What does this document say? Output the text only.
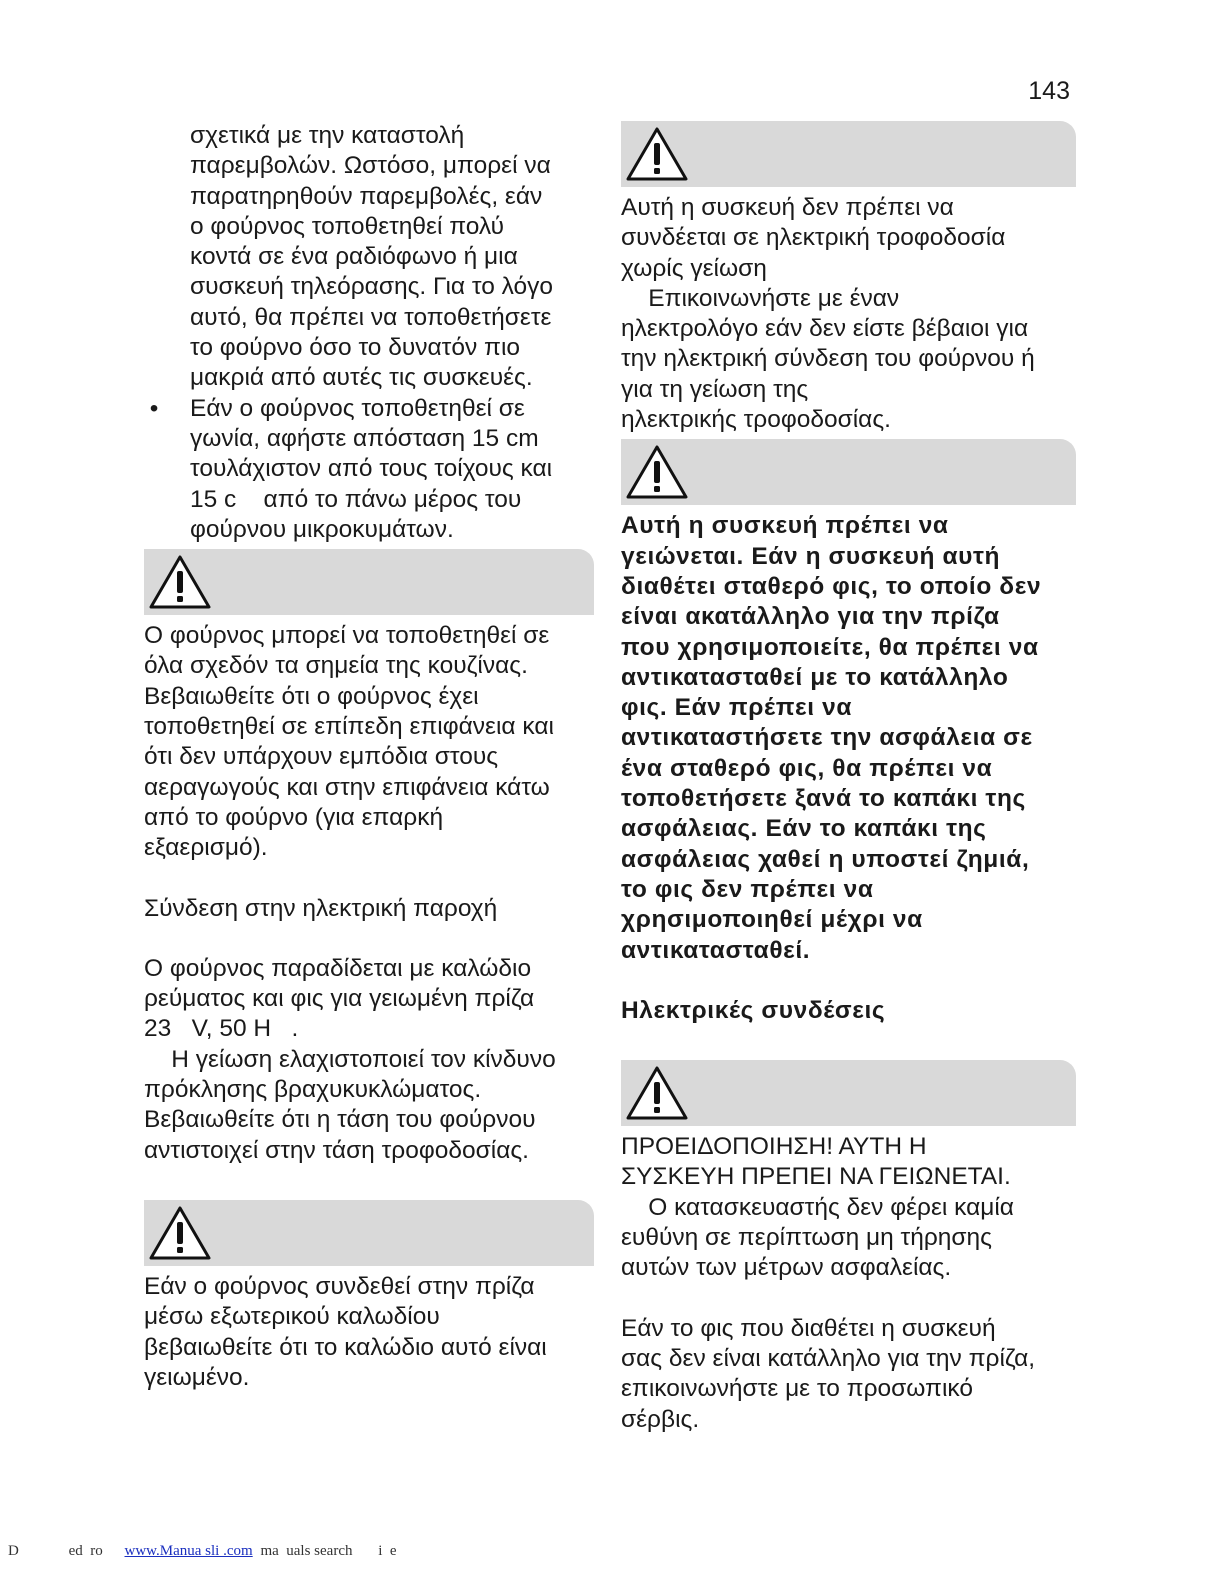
143

σχετικά με την καταστολή

παρεμβολών. Ωστόσο, μπορεί να

παρατηρηθούν παρεμβολές, εάν

ο φούρνος τοποθετηθεί πολύ

κοντά σε ένα ραδιόφωνο ή μια

συσκευή τηλεόρασης. Για το λόγο

αυτό, θα πρέπει να τοποθετήσετε

το φούρνο όσο το δυνατόν πιο

μακριά από αυτές τις συσκευές.

• Εάν ο φούρνος τοποθετηθεί σε

γωνία, αφήστε απόσταση 15 cm

τουλάχιστον από τους τοίχους και

15 c    από το πάνω μέρος του

φούρνου μικροκυμάτων.

Ο φούρνος μπορεί να τοποθετηθεί σε

όλα σχεδόν τα σημεία της κουζίνας.

Βεβαιωθείτε ότι ο φούρνος έχει

τοποθετηθεί σε επίπεδη επιφάνεια και

ότι δεν υπάρχουν εμπόδια στους

αεραγωγούς και στην επιφάνεια κάτω

από το φούρνο (για επαρκή

εξαερισμό).

Σύνδεση στην ηλεκτρική παροχή

Ο φούρνος παραδίδεται με καλώδιο

ρεύματος και φις για γειωμένη πρίζα

23   V, 50 H   .

Η γείωση ελαχιστοποιεί τον κίνδυνο

πρόκλησης βραχυκυκλώματος.

Βεβαιωθείτε ότι η τάση του φούρνου

αντιστοιχεί στην τάση τροφοδοσίας.

Εάν ο φούρνος συνδεθεί στην πρίζα

μέσω εξωτερικού καλωδίου

βεβαιωθείτε ότι το καλώδιο αυτό είναι

γειωμένο.

Αυτή η συσκευή δεν πρέπει να

συνδέεται σε ηλεκτρική τροφοδοσία

χωρίς γείωση

Επικοινωνήστε με έναν

ηλεκτρολόγο εάν δεν είστε βέβαιοι για

την ηλεκτρική σύνδεση του φούρνου ή

για τη γείωση της

ηλεκτρικής τροφοδοσίας.

Αυτή η συσκευή πρέπει να

γειώνεται. Εάν η συσκευή αυτή

διαθέτει σταθερό φις, το οποίο δεν

είναι ακατάλληλο για την πρίζα

που χρησιμοποιείτε, θα πρέπει να

αντικατασταθεί με το κατάλληλο

φις. Εάν πρέπει να

αντικαταστήσετε την ασφάλεια σε

ένα σταθερό φις, θα πρέπει να

τοποθετήσετε ξανά το καπάκι της

ασφάλειας. Εάν το καπάκι της

ασφάλειας χαθεί η υποστεί ζημιά,

το φις δεν πρέπει να

χρησιμοποιηθεί μέχρι να

αντικατασταθεί.

Ηλεκτρικές συνδέσεις

ΠΡΟΕΙΔΟΠΟΙΗΣΗ! ΑΥΤΗ Η

ΣΥΣΚΕΥΗ ΠΡΕΠΕΙ ΝΑ ΓΕΙΩΝΕΤΑΙ.

Ο κατασκευαστής δεν φέρει καμία

ευθύνη σε περίπτωση μη τήρησης

αυτών των μέτρων ασφαλείας.

Εάν το φις που διαθέτει η συσκευή

σας δεν είναι κατάλληλο για την πρίζα,

επικοινωνήστε με το προσωπικό

σέρβις.

D	ed  ro www.Manua sli .com ma  uals search i  e
